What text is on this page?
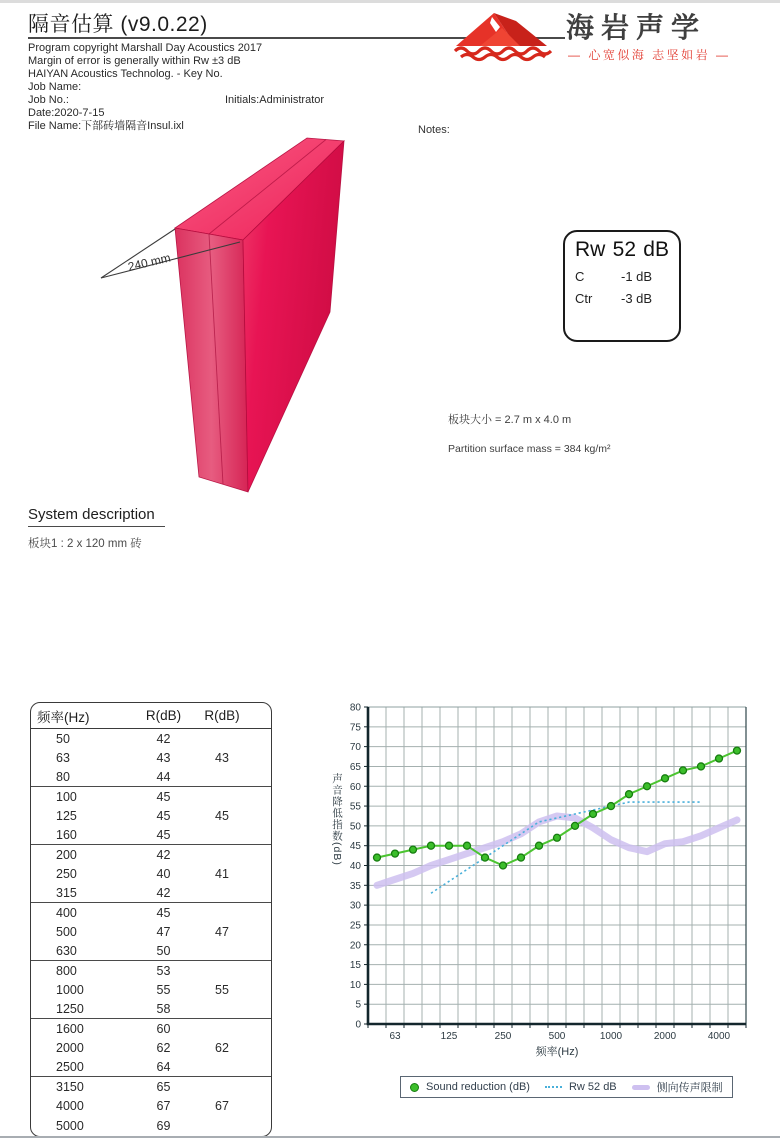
隔音估算 (v9.0.22)
Program copyright Marshall Day Acoustics 2017
Margin of error is generally within Rw ±3 dB
HAIYAN Acoustics Technolog. - Key No.
Job Name:
Job No.:	Initials:Administrator
Date:2020-7-15
File Name:下部砖墙隔音Insul.ixl
海岩声学
— 心宽似海 志坚如岩 —
Notes:
240 mm
Rw 52 dB
C	-1 dB
Ctr	-3 dB
板块大小 = 2.7 m x 4.0 m
Partition surface mass = 384 kg/m²
System description
板块1 : 2 x 120 mm 砖
频率(Hz)	R(dB)	R(dB)
50	42
63	43	43
80	44
100	45
125	45	45
160	45
200	42
250	40	41
315	42
400	45
500	47	47
630	50
800	53
1000	55	55
1250	58
1600	60
2000	62	62
2500	64
3150	65
4000	67	67
5000	69
声音降低指数(dB)
0
5
10
15
20
25
30
35
40
45
50
55
60
65
70
75
80
63	125	250	500	1000	2000	4000
频率(Hz)
Sound reduction (dB)	Rw 52 dB	侧向传声限制
